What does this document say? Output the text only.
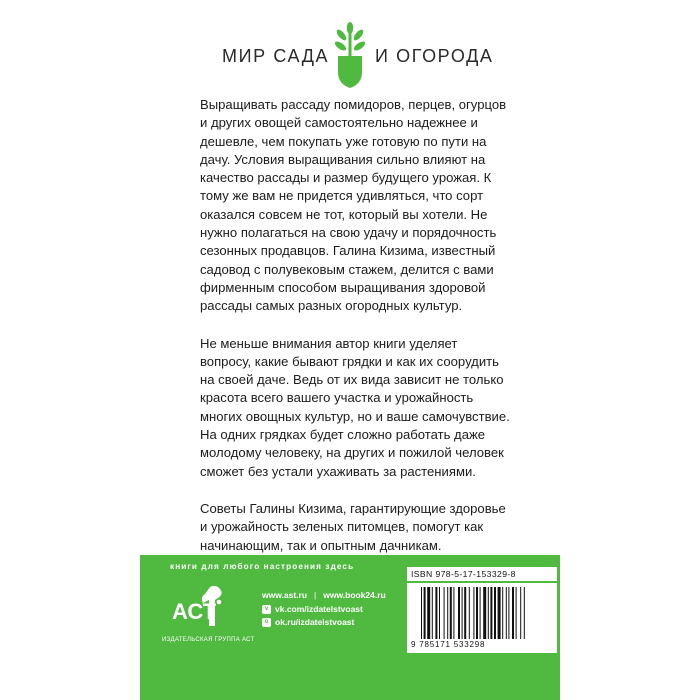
МИР САДА	И ОГОРОДА

Выращивать рассаду помидоров, перцев, огурцов и других овощей самостоятельно надежнее и дешевле, чем покупать уже готовую по пути на дачу. Условия выращивания сильно влияют на качество рассады и размер будущего урожая. К тому же вам не придется удивляться, что сорт оказался совсем не тот, который вы хотели. Не нужно полагаться на свою удачу и порядочность сезонных продавцов. Галина Кизима, известный садовод с полувековым стажем, делится с вами фирменным способом выращивания здоровой рассады самых разных огородных культур.

Не меньше внимания автор книги уделяет вопросу, какие бывают грядки и как их соорудить на своей даче. Ведь от их вида зависит не только красота всего вашего участка и урожайность многих овощных культур, но и ваше самочувствие. На одних грядках будет сложно работать даже молодому человеку, на других и пожилой человек сможет без устали ухаживать за растениями.

Советы Галины Кизима, гарантирующие здоровье и урожайность зеленых питомцев, помогут как начинающим, так и опытным дачникам.

книги для любого настроения здесь
АСТ
ИЗДАТЕЛЬСКАЯ ГРУППА АСТ
www.ast.ru | www.book24.ru
v vk.com/izdatelstvoast
o ok.ru/izdatelstvoast
ISBN 978-5-17-153329-8
9 785171 533298
